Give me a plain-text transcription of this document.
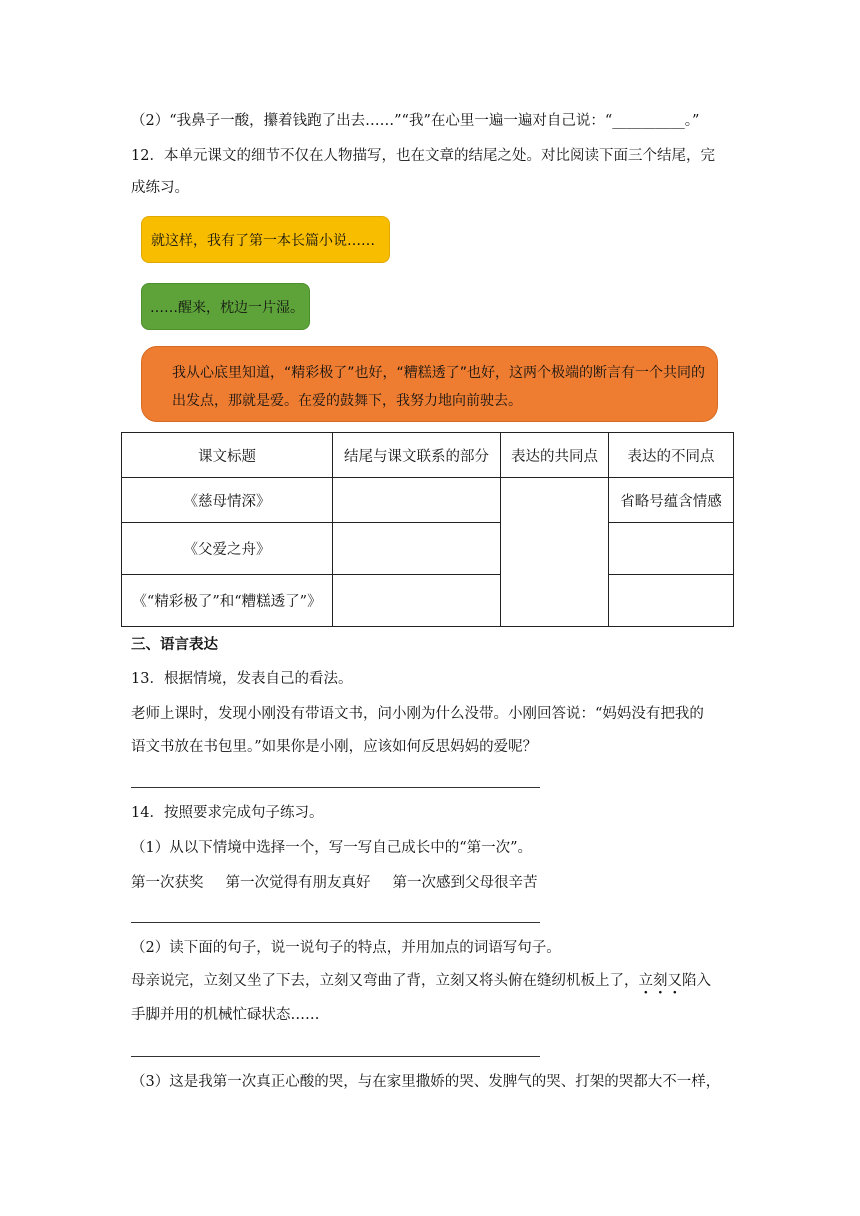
（2）“我鼻子一酸，攥着钱跑了出去……”“我”在心里一遍一遍对自己说：“__________。”
12．本单元课文的细节不仅在人物描写，也在文章的结尾之处。对比阅读下面三个结尾，完
成练习。
就这样，我有了第一本长篇小说……
……醒来，枕边一片湿。
我从心底里知道，“精彩极了”也好，“糟糕透了”也好，这两个极端的断言有一个共同的出发点，那就是爱。在爱的鼓舞下，我努力地向前驶去。
课文标题	结尾与课文联系的部分	表达的共同点	表达的不同点
《慈母情深》			省略号蕴含情感
《父爱之舟》			
《“精彩极了”和“糟糕透了”》			
三、语言表达
13．根据情境，发表自己的看法。
老师上课时，发现小刚没有带语文书，问小刚为什么没带。小刚回答说：“妈妈没有把我的
语文书放在书包里。”如果你是小刚，应该如何反思妈妈的爱呢？
14．按照要求完成句子练习。
（1）从以下情境中选择一个，写一写自己成长中的“第一次”。
第一次获奖 第一次觉得有朋友真好 第一次感到父母很辛苦
（2）读下面的句子，说一说句子的特点，并用加点的词语写句子。
母亲说完，立刻又坐了下去，立刻又弯曲了背，立刻又将头俯在缝纫机板上了，立刻又陷入
手脚并用的机械忙碌状态……
（3）这是我第一次真正心酸的哭，与在家里撒娇的哭、发脾气的哭、打架的哭都大不一样，
